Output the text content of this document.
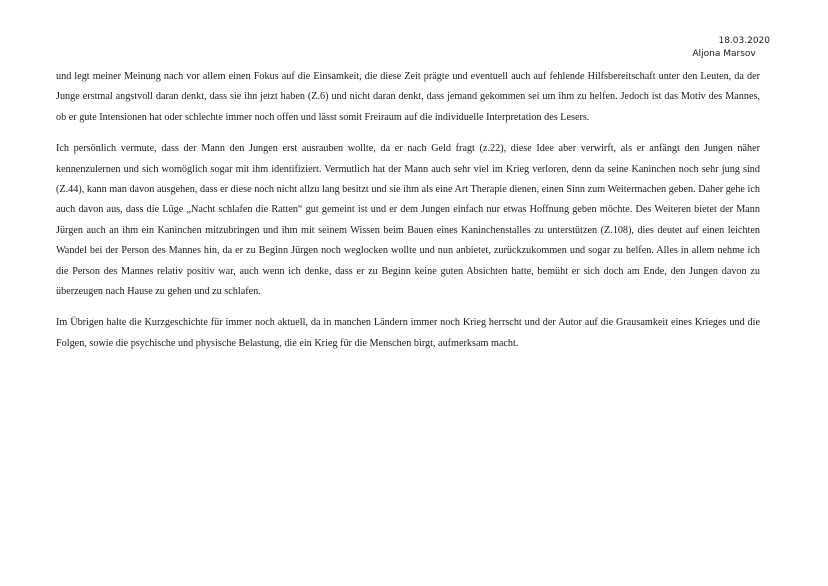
18.03.2020
Aljona Marsov

und legt meiner Meinung nach vor allem einen Fokus auf die Einsamkeit, die diese Zeit prägte und eventuell auch auf fehlende Hilfsbereitschaft unter den Leuten, da der Junge erstmal angstvoll daran denkt, dass sie ihn jetzt haben (Z.6) und nicht daran denkt, dass jemand gekommen sei um ihm zu helfen. Jedoch ist das Motiv des Mannes, ob er gute Intensionen hat oder schlechte immer noch offen und lässt somit Freiraum auf die individuelle Interpretation des Lesers.

Ich persönlich vermute, dass der Mann den Jungen erst ausrauben wollte, da er nach Geld fragt (z.22), diese Idee aber verwirft, als er anfängt den Jungen näher kennenzulernen und sich womöglich sogar mit ihm identifiziert. Vermutlich hat der Mann auch sehr viel im Krieg verloren, denn da seine Kaninchen noch sehr jung sind (Z.44), kann man davon ausgehen, dass er diese noch nicht allzu lang besitzt und sie ihm als eine Art Therapie dienen, einen Sinn zum Weitermachen geben. Daher gehe ich auch davon aus, dass die Lüge „Nacht schlafen die Ratten“ gut gemeint ist und er dem Jungen einfach nur etwas Hoffnung geben möchte. Des Weiteren bietet der Mann Jürgen auch an ihm ein Kaninchen mitzubringen und ihm mit seinem Wissen beim Bauen eines Kaninchenstalles zu unterstützen (Z.108), dies deutet auf einen leichten Wandel bei der Person des Mannes hin, da er zu Beginn Jürgen noch weglocken wollte und nun anbietet, zurückzukommen und sogar zu helfen. Alles in allem nehme ich die Person des Mannes relativ positiv war, auch wenn ich denke, dass er zu Beginn keine guten Absichten hatte, bemüht er sich doch am Ende, den Jungen davon zu überzeugen nach Hause zu gehen und zu schlafen.

Im Übrigen halte die Kurzgeschichte für immer noch aktuell, da in manchen Ländern immer noch Krieg herrscht und der Autor auf die Grausamkeit eines Krieges und die Folgen, sowie die psychische und physische Belastung, die ein Krieg für die Menschen birgt, aufmerksam macht.
